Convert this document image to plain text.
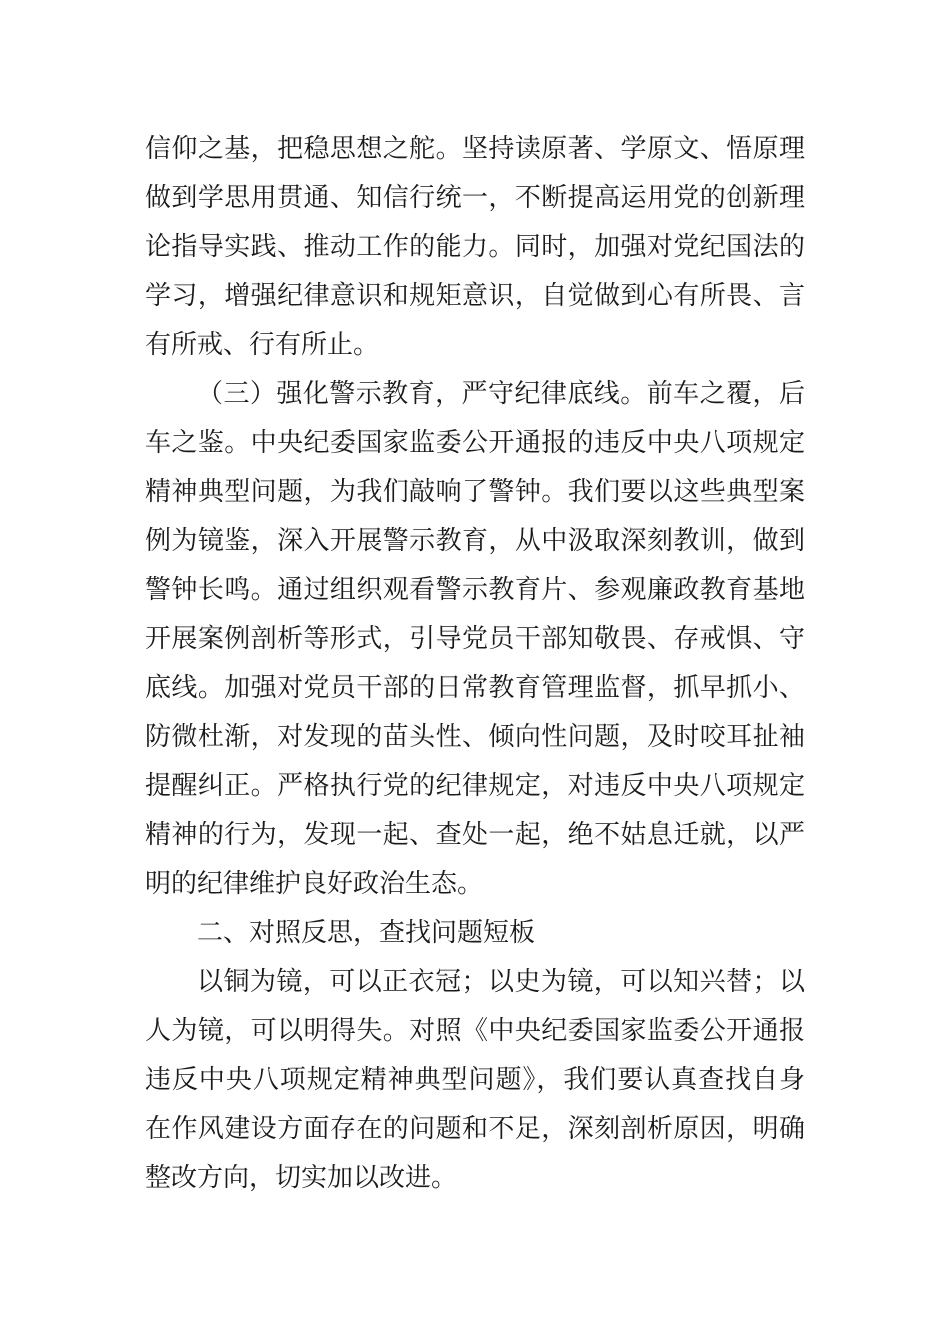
信仰之基，把稳思想之舵。坚持读原著、学原文、悟原理
做到学思用贯通、知信行统一，不断提高运用党的创新理
论指导实践、推动工作的能力。同时，加强对党纪国法的
学习，增强纪律意识和规矩意识，自觉做到心有所畏、言
有所戒、行有所止。
（三）强化警示教育，严守纪律底线。前车之覆，后
车之鉴。中央纪委国家监委公开通报的违反中央八项规定
精神典型问题，为我们敲响了警钟。我们要以这些典型案
例为镜鉴，深入开展警示教育，从中汲取深刻教训，做到
警钟长鸣。通过组织观看警示教育片、参观廉政教育基地
开展案例剖析等形式，引导党员干部知敬畏、存戒惧、守
底线。加强对党员干部的日常教育管理监督，抓早抓小、
防微杜渐，对发现的苗头性、倾向性问题，及时咬耳扯袖
提醒纠正。严格执行党的纪律规定，对违反中央八项规定
精神的行为，发现一起、查处一起，绝不姑息迁就，以严
明的纪律维护良好政治生态。
二、对照反思，查找问题短板
以铜为镜，可以正衣冠；以史为镜，可以知兴替；以
人为镜，可以明得失。对照《中央纪委国家监委公开通报
违反中央八项规定精神典型问题》，我们要认真查找自身
在作风建设方面存在的问题和不足，深刻剖析原因，明确
整改方向，切实加以改进。
